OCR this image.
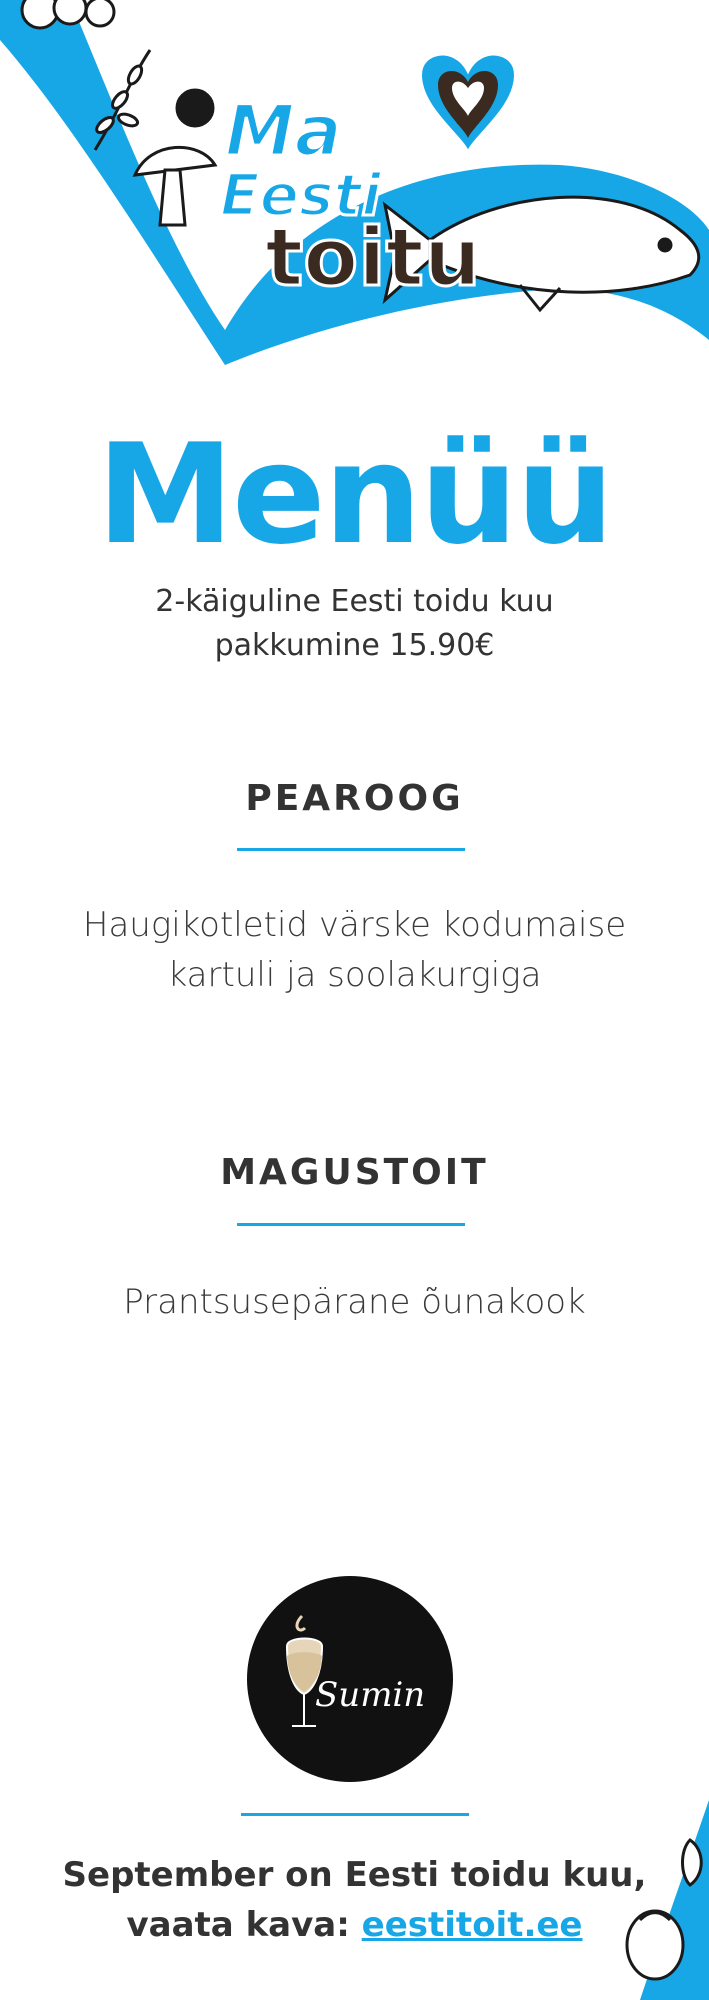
Ma
Eesti
toitu
Menüü
2-käiguline Eesti toidu kuu
pakkumine 15.90€
PEAROOG
Haugikotletid värske kodumaise
kartuli ja soolakurgiga
MAGUSTOIT
Prantsusepärane õunakook
Sumin
September on Eesti toidu kuu,
vaata kava: eestitoit.ee
